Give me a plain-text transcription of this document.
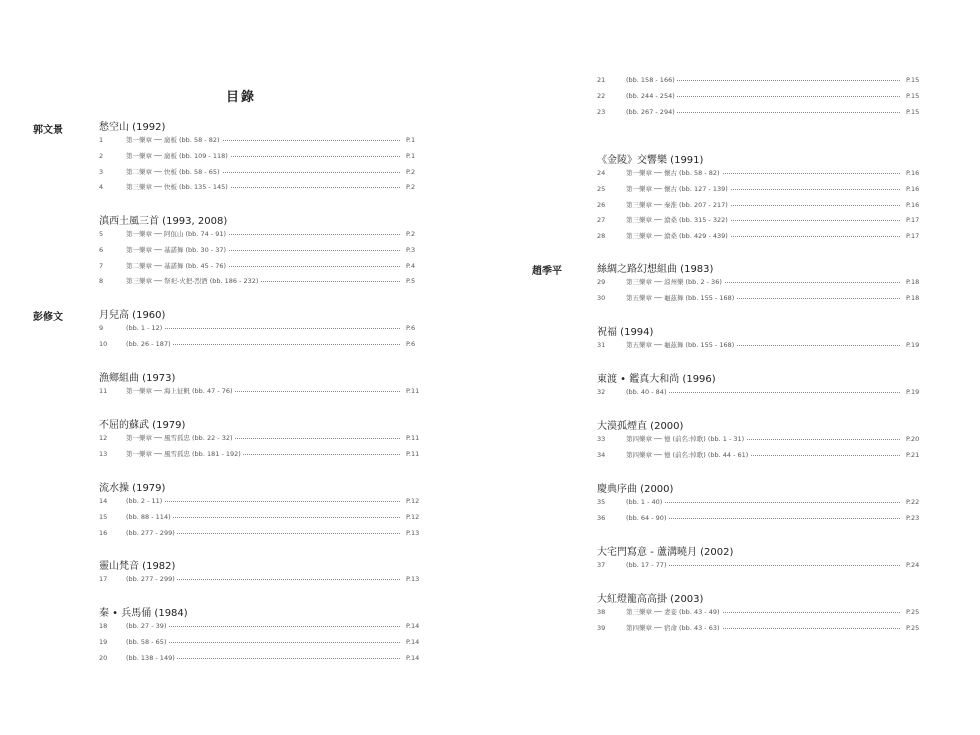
目錄
郭文景
彭修文
趙季平
愁空山 (1992)
1	第一樂章 ── 廣板 (bb. 58 - 82)	P.1
2	第一樂章 ── 廣板 (bb. 109 - 118)	P.1
3	第二樂章 ── 快板 (bb. 58 - 65)	P.2
4	第三樂章 ── 快板 (bb. 135 - 145)	P.2
滇西土風三首 (1993, 2008)
5	第一樂章 ── 阿佤山 (bb. 74 - 91)	P.2
6	第一樂章 ── 基諾舞 (bb. 30 - 37)	P.3
7	第二樂章 ── 基諾舞 (bb. 45 - 76)	P.4
8	第三樂章 ── 祭祀-火把-烈酒 (bb. 186 - 232)	P.5
月兒高 (1960)
9	(bb. 1 - 12)	P.6
10	(bb. 26 - 187)	P.6
漁鄉組曲 (1973)
11	第一樂章 ── 海上征帆 (bb. 47 - 76)	P.11
不屈的蘇武 (1979)
12	第一樂章 ── 風雪孤忠 (bb. 22 - 32)	P.11
13	第一樂章 ── 風雪孤忠 (bb. 181 - 192)	P.11
流水操 (1979)
14	(bb. 2 - 11)	P.12
15	(bb. 88 - 114)	P.12
16	(bb. 277 - 299)	P.13
靈山梵音 (1982)
17	(bb. 277 - 299)	P.13
秦 • 兵馬俑 (1984)
18	(bb. 27 - 39)	P.14
19	(bb. 58 - 65)	P.14
20	(bb. 138 - 149)	P.14
21	(bb. 158 - 166)	P.15
22	(bb. 244 - 254)	P.15
23	(bb. 267 - 294)	P.15
《金陵》交響樂 (1991)
24	第一樂章 ── 懷古 (bb. 58 - 82)	P.16
25	第一樂章 ── 懷古 (bb. 127 - 139)	P.16
26	第三樂章 ── 秦淮 (bb. 207 - 217)	P.16
27	第三樂章 ── 滄桑 (bb. 315 - 322)	P.17
28	第三樂章 ── 滄桑 (bb. 429 - 439)	P.17
絲綢之路幻想組曲 (1983)
29	第三樂章 ── 涼州樂 (bb. 2 - 36)	P.18
30	第五樂章 ── 龜茲舞 (bb. 155 - 168)	P.18
祝福 (1994)
31	第五樂章 ── 龜茲舞 (bb. 155 - 168)	P.19
東渡 • 鑑真大和尚 (1996)
32	(bb. 40 - 84)	P.19
大漠孤煙直 (2000)
33	第四樂章 ── 憶 (前名:悼歌) (bb. 1 - 31)	P.20
34	第四樂章 ── 憶 (前名:悼歌) (bb. 44 - 61)	P.21
慶典序曲 (2000)
35	(bb. 1 - 40)	P.22
36	(bb. 64 - 90)	P.23
大宅門寫意 - 蘆溝曉月 (2002)
37	(bb. 17 - 77)	P.24
大紅燈籠高高掛 (2003)
38	第三樂章 ── 妻妾 (bb. 43 - 49)	P.25
39	第四樂章 ── 宿命 (bb. 43 - 63)	P.25
